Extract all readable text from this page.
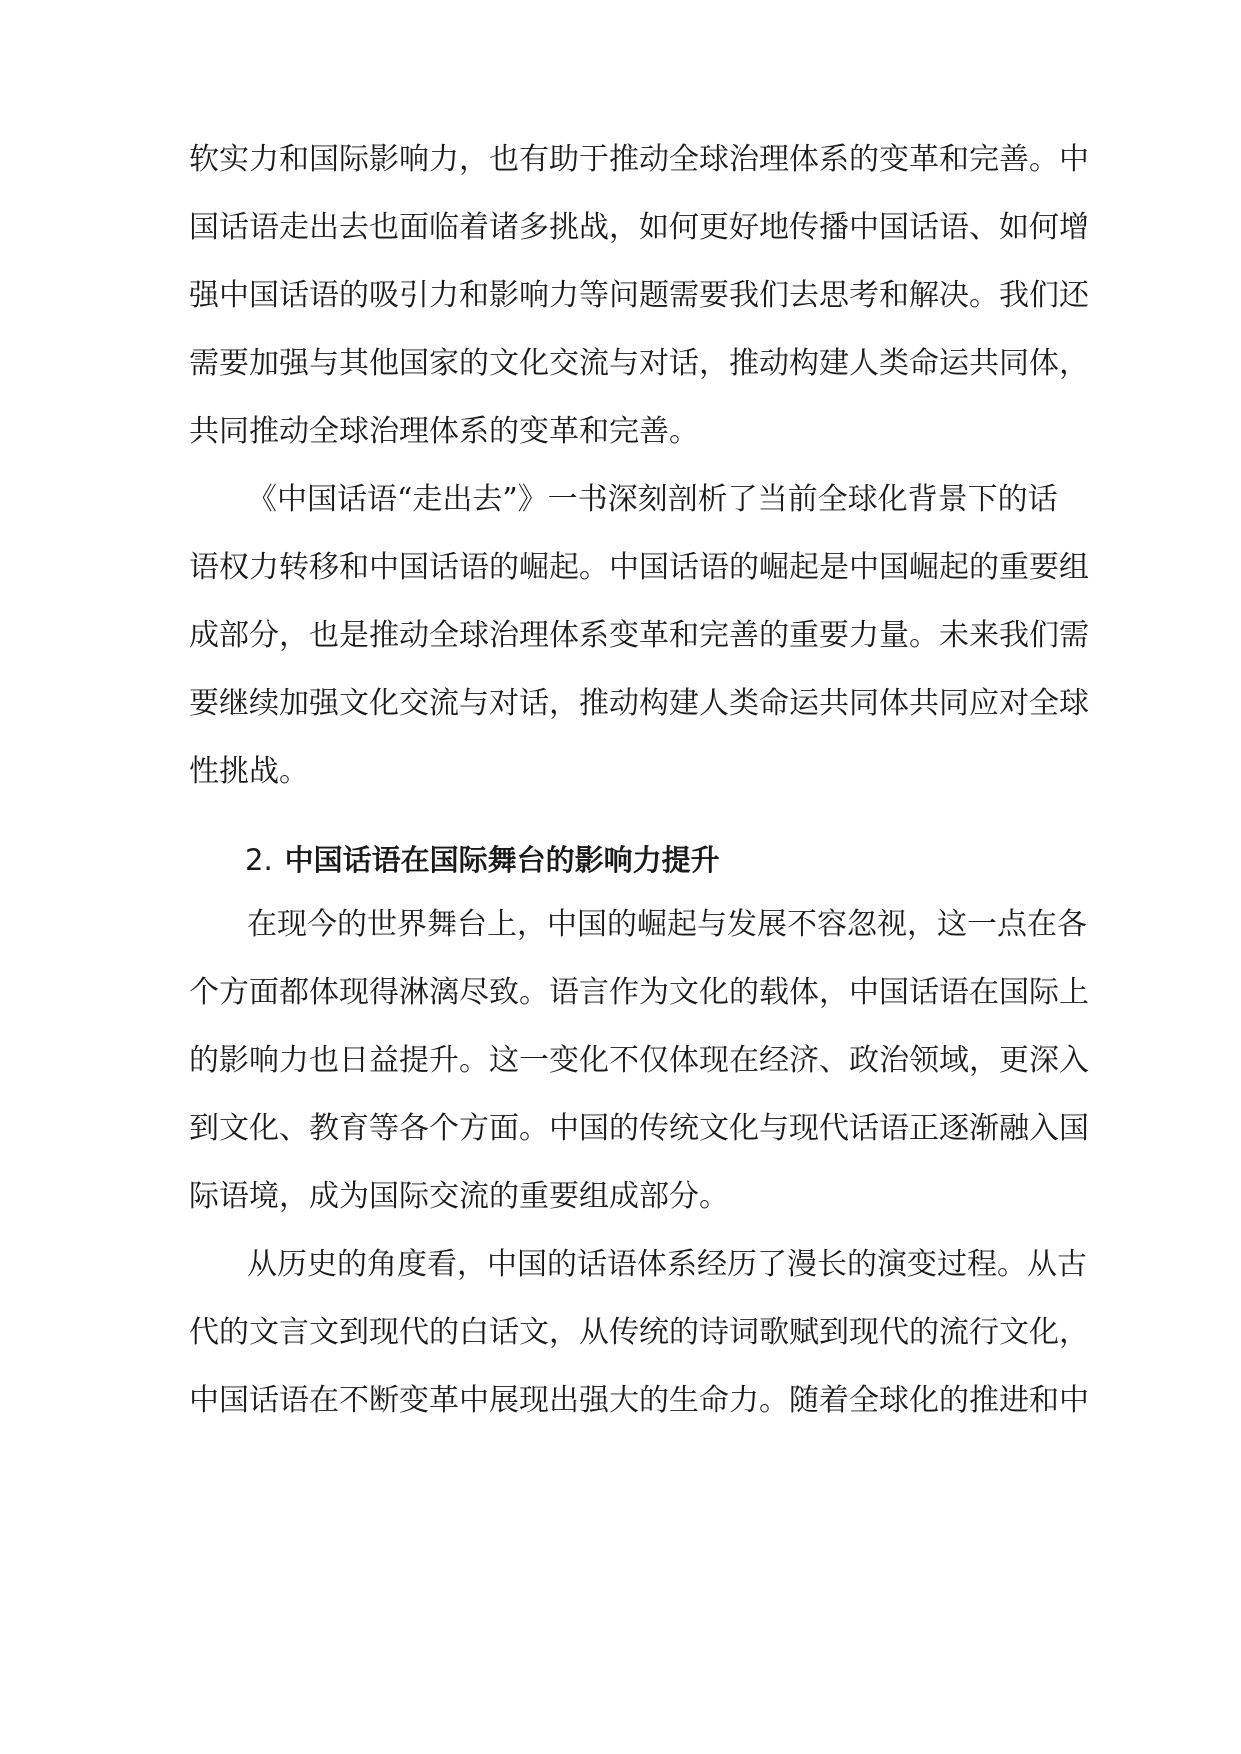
软实力和国际影响力，也有助于推动全球治理体系的变革和完善。中
国话语走出去也面临着诸多挑战，如何更好地传播中国话语、如何增
强中国话语的吸引力和影响力等问题需要我们去思考和解决。我们还
需要加强与其他国家的文化交流与对话，推动构建人类命运共同体，
共同推动全球治理体系的变革和完善。
《中国话语“走出去”》一书深刻剖析了当前全球化背景下的话
语权力转移和中国话语的崛起。中国话语的崛起是中国崛起的重要组
成部分，也是推动全球治理体系变革和完善的重要力量。未来我们需
要继续加强文化交流与对话，推动构建人类命运共同体共同应对全球
性挑战。
2. 中国话语在国际舞台的影响力提升
在现今的世界舞台上，中国的崛起与发展不容忽视，这一点在各
个方面都体现得淋漓尽致。语言作为文化的载体，中国话语在国际上
的影响力也日益提升。这一变化不仅体现在经济、政治领域，更深入
到文化、教育等各个方面。中国的传统文化与现代话语正逐渐融入国
际语境，成为国际交流的重要组成部分。
从历史的角度看，中国的话语体系经历了漫长的演变过程。从古
代的文言文到现代的白话文，从传统的诗词歌赋到现代的流行文化，
中国话语在不断变革中展现出强大的生命力。随着全球化的推进和中
